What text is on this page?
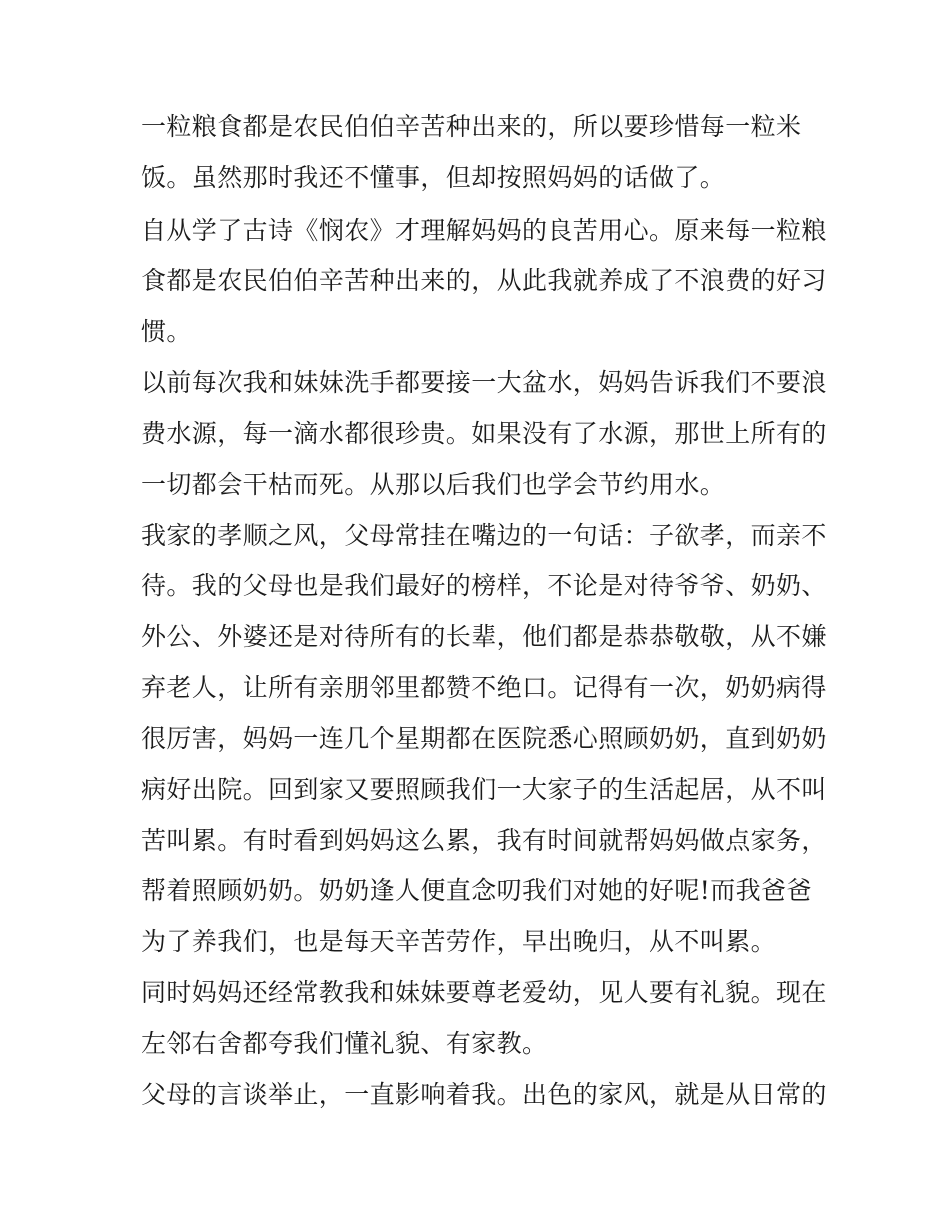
一粒粮食都是农民伯伯辛苦种出来的，所以要珍惜每一粒米
饭。虽然那时我还不懂事，但却按照妈妈的话做了。
自从学了古诗《悯农》才理解妈妈的良苦用心。原来每一粒粮
食都是农民伯伯辛苦种出来的，从此我就养成了不浪费的好习
惯。
以前每次我和妹妹洗手都要接一大盆水，妈妈告诉我们不要浪
费水源，每一滴水都很珍贵。如果没有了水源，那世上所有的
一切都会干枯而死。从那以后我们也学会节约用水。
我家的孝顺之风，父母常挂在嘴边的一句话：子欲孝，而亲不
待。我的父母也是我们最好的榜样，不论是对待爷爷、奶奶、
外公、外婆还是对待所有的长辈，他们都是恭恭敬敬，从不嫌
弃老人，让所有亲朋邻里都赞不绝口。记得有一次，奶奶病得
很厉害，妈妈一连几个星期都在医院悉心照顾奶奶，直到奶奶
病好出院。回到家又要照顾我们一大家子的生活起居，从不叫
苦叫累。有时看到妈妈这么累，我有时间就帮妈妈做点家务，
帮着照顾奶奶。奶奶逢人便直念叨我们对她的好呢!而我爸爸
为了养我们，也是每天辛苦劳作，早出晚归，从不叫累。
同时妈妈还经常教我和妹妹要尊老爱幼，见人要有礼貌。现在
左邻右舍都夸我们懂礼貌、有家教。
父母的言谈举止，一直影响着我。出色的家风，就是从日常的
